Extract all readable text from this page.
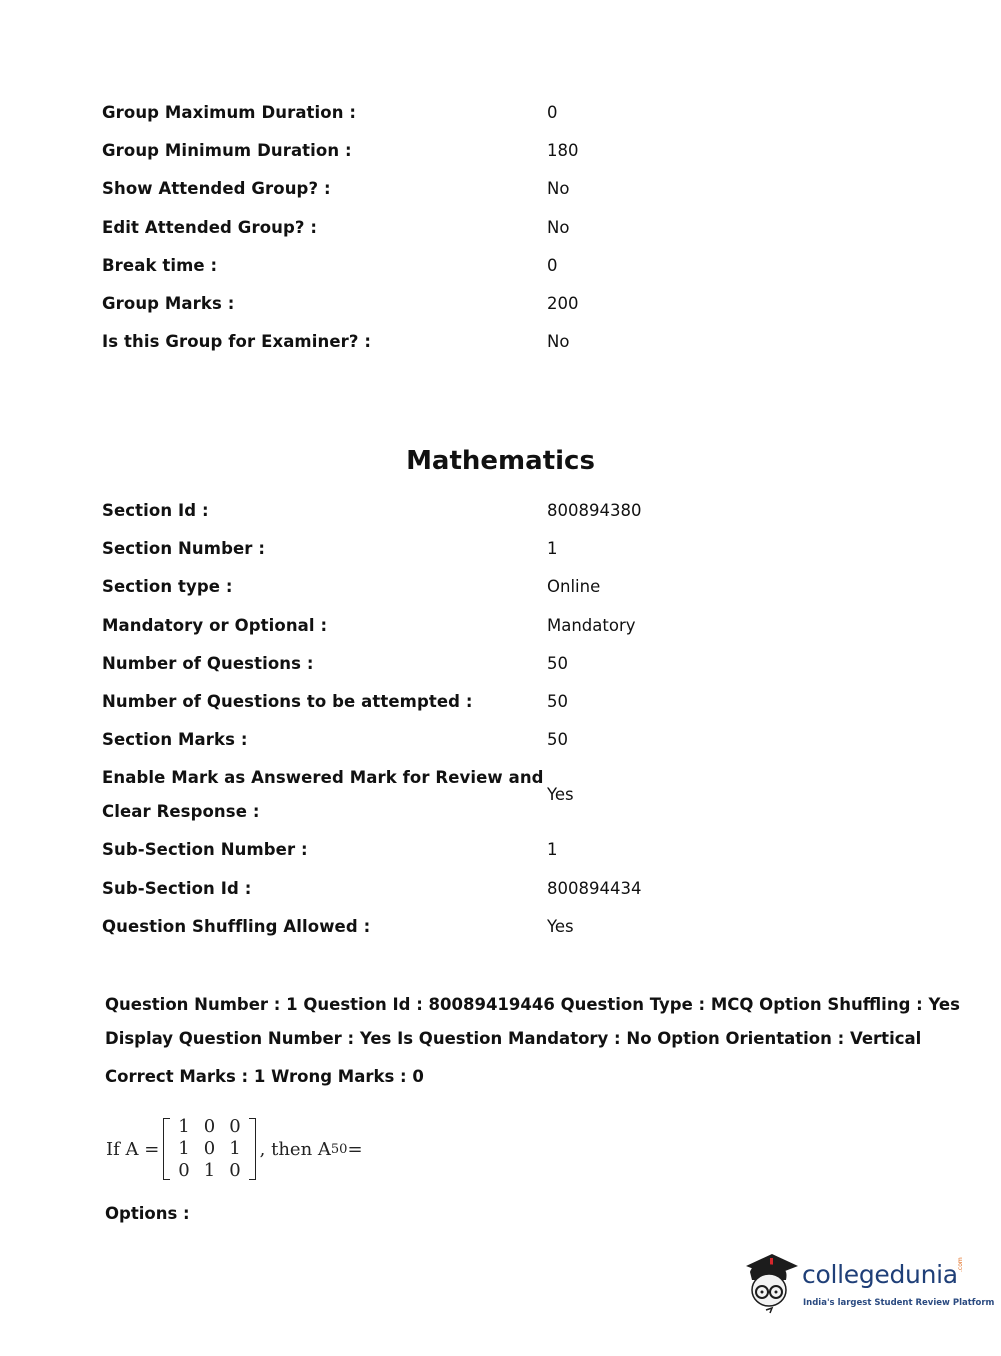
Group Maximum Duration :	0
Group Minimum Duration :	180
Show Attended Group? :	No
Edit Attended Group? :	No
Break time :	0
Group Marks :	200
Is this Group for Examiner? :	No
Mathematics
Section Id :	800894380
Section Number :	1
Section type :	Online
Mandatory or Optional :	Mandatory
Number of Questions :	50
Number of Questions to be attempted :	50
Section Marks :	50
Enable Mark as Answered Mark for Review and
Clear Response :
Yes
Sub-Section Number :	1
Sub-Section Id :	800894434
Question Shuffling Allowed :	Yes
Question Number : 1 Question Id : 80089419446 Question Type : MCQ Option Shuffling : Yes
Display Question Number : Yes Is Question Mandatory : No Option Orientation : Vertical
Correct Marks : 1 Wrong Marks : 0
If A =
1	0	0
1	0	1
0	1	0
, then A 50 =
Options :
collegedunia .com
India's largest Student Review Platform
